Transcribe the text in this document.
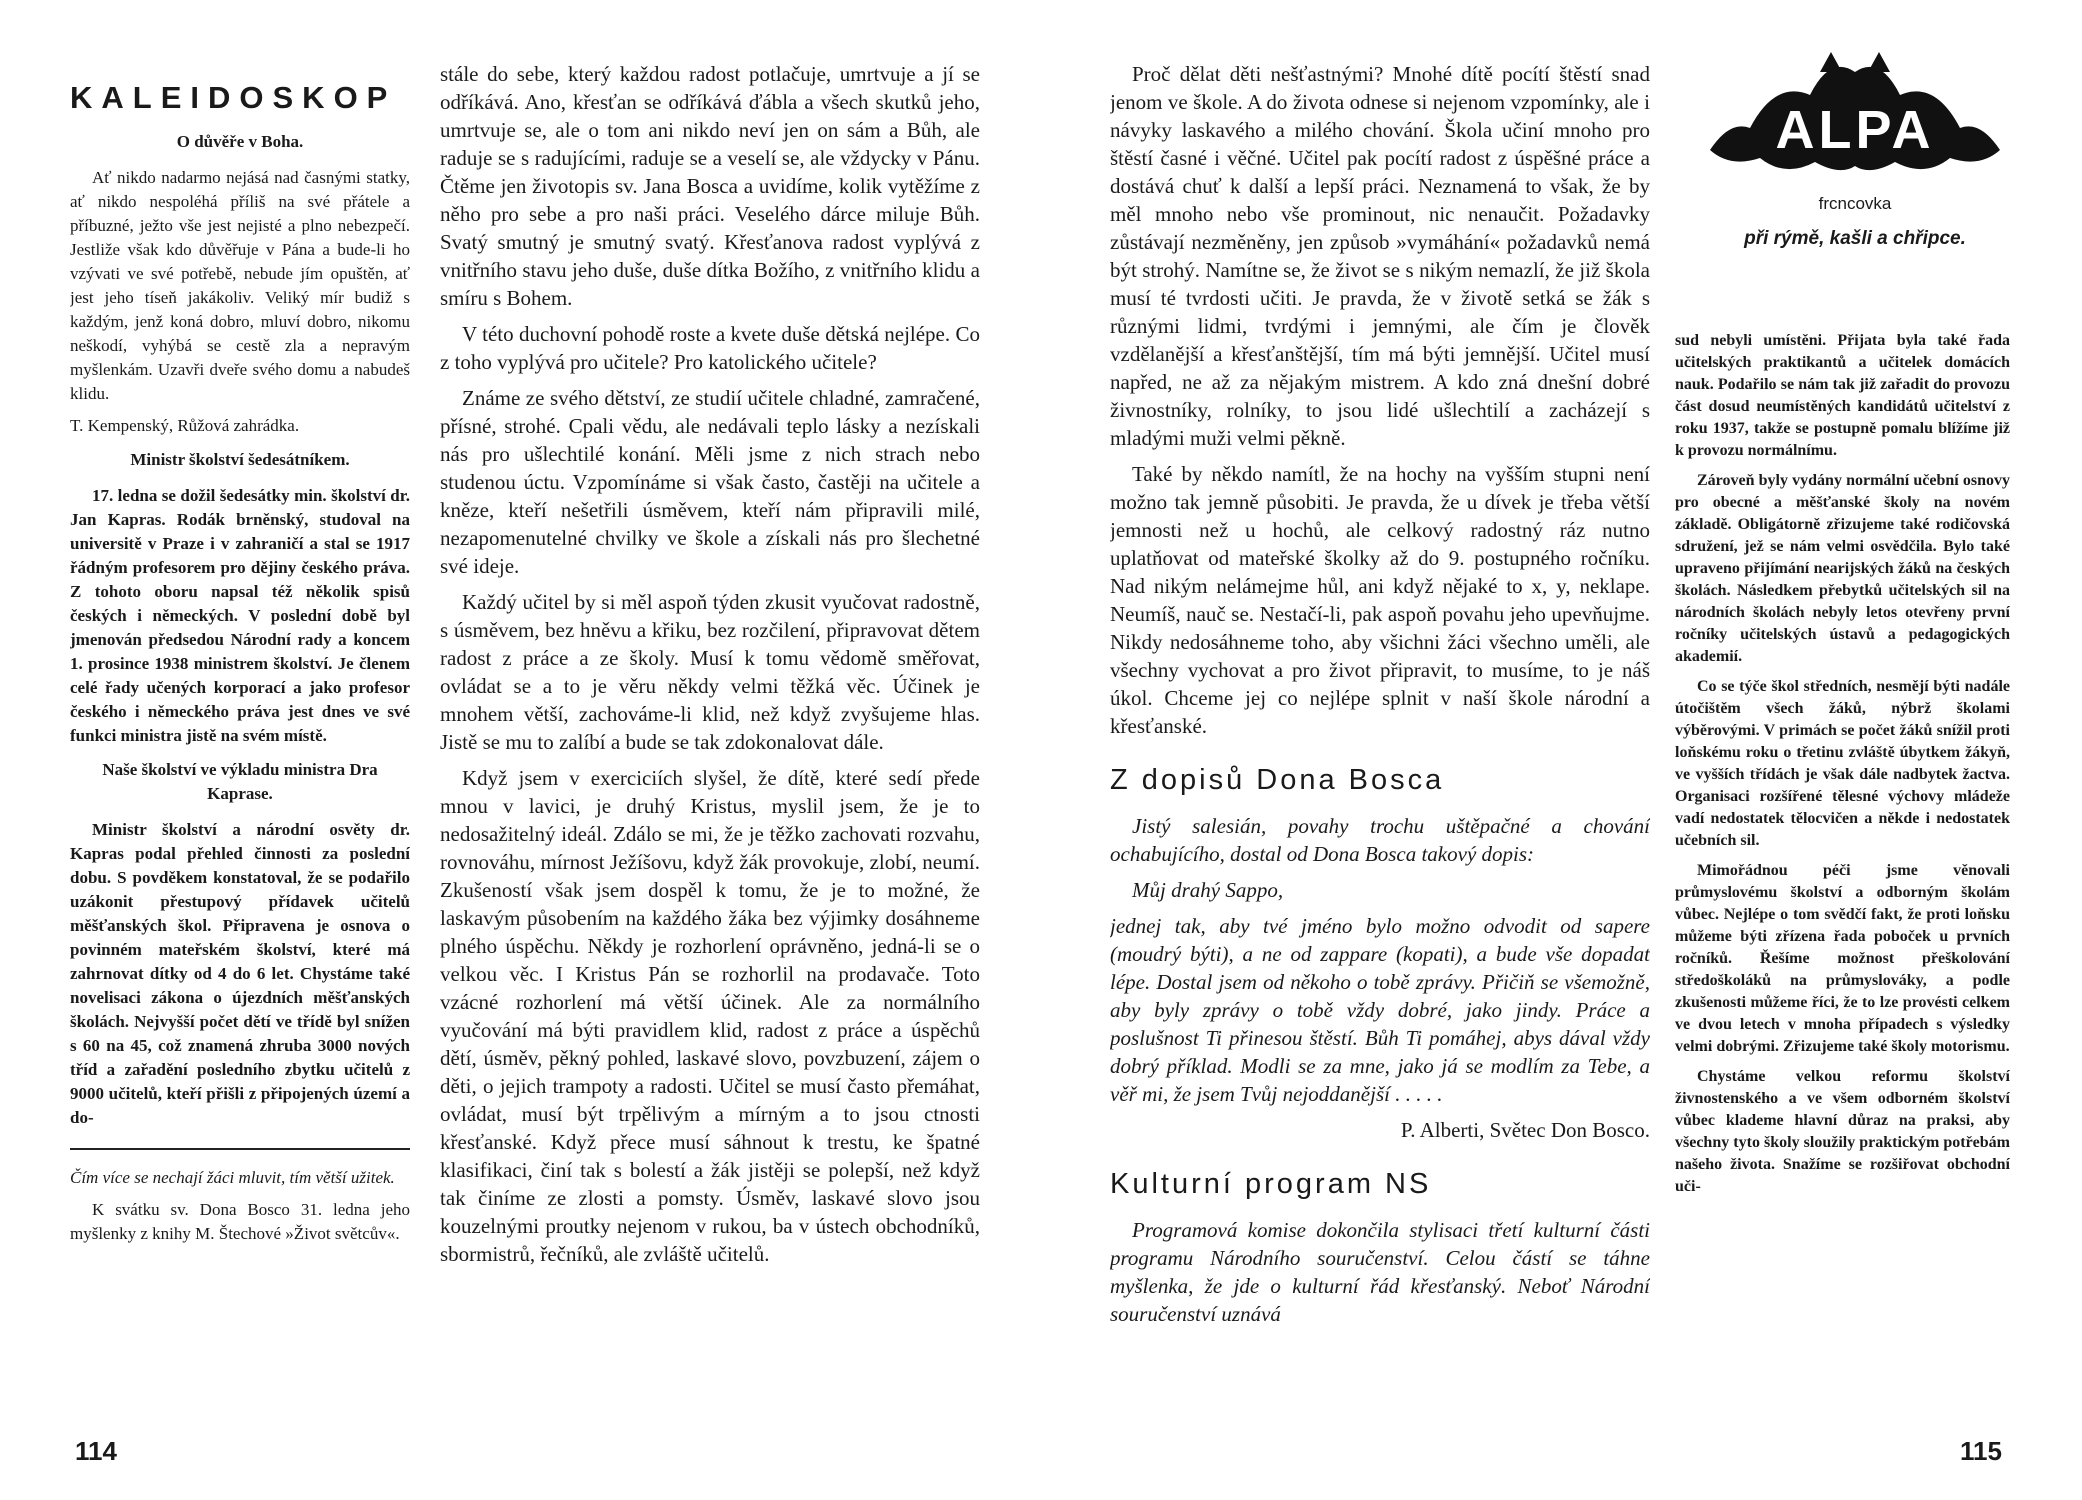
KALEIDOSKOP

O důvěře v Boha.

Ať nikdo nadarmo nejásá nad časnými statky, ať nikdo nespoléhá příliš na své přátele a příbuzné, ježto vše jest nejisté a plno nebezpečí. Jestliže však kdo důvěřuje v Pána a bude-li ho vzývati ve své potřebě, nebude jím opuštěn, ať jest jeho tíseň jakákoliv. Veliký mír budiž s každým, jenž koná dobro, mluví dobro, nikomu neškodí, vyhýbá se cestě zla a nepravým myšlenkám. Uzavři dveře svého domu a nabudeš klidu.

T. Kempenský, Růžová zahrádka.

Ministr školství šedesátníkem.

17. ledna se dožil šedesátky min. školství dr. Jan Kapras. Rodák brněnský, studoval na universitě v Praze i v zahraničí a stal se 1917 řádným profesorem pro dějiny českého práva. Z tohoto oboru napsal též několik spisů českých i německých. V poslední době byl jmenován předsedou Národní rady a koncem 1. prosince 1938 ministrem školství. Je členem celé řady učených korporací a jako profesor českého i německého práva jest dnes ve své funkci ministra jistě na svém místě.

Naše školství ve výkladu ministra Dra Kaprase.

Ministr školství a národní osvěty dr. Kapras podal přehled činnosti za poslední dobu. S povděkem konstatoval, že se podařilo uzákonit přestupový přídavek učitelů měšťanských škol. Připravena je osnova o povinném mateřském školství, které má zahrnovat dítky od 4 do 6 let. Chystáme také novelisaci zákona o újezdních měšťanských školách. Nejvyšší počet dětí ve třídě byl snížen s 60 na 45, což znamená zhruba 3000 nových tříd a zařadění posledního zbytku učitelů z 9000 učitelů, kteří přišli z připojených území a do-

Čím více se nechají žáci mluvit, tím větší užitek.

K svátku sv. Dona Bosco 31. ledna jeho myšlenky z knihy M. Štechové »Život světcův«.

stále do sebe, který každou radost potlačuje, umrtvuje a jí se odříkává. Ano, křesťan se odříkává ďábla a všech skutků jeho, umrtvuje se, ale o tom ani nikdo neví jen on sám a Bůh, ale raduje se s radujícími, raduje se a veselí se, ale vždycky v Pánu. Čtěme jen životopis sv. Jana Bosca a uvidíme, kolik vytěžíme z něho pro sebe a pro naši práci. Veselého dárce miluje Bůh. Svatý smutný je smutný svatý. Křesťanova radost vyplývá z vnitřního stavu jeho duše, duše dítka Božího, z vnitřního klidu a smíru s Bohem.

V této duchovní pohodě roste a kvete duše dětská nejlépe. Co z toho vyplývá pro učitele? Pro katolického učitele?

Známe ze svého dětství, ze studií učitele chladné, zamračené, přísné, strohé. Cpali vědu, ale nedávali teplo lásky a nezískali nás pro ušlechtilé konání. Měli jsme z nich strach nebo studenou úctu. Vzpomínáme si však často, častěji na učitele a kněze, kteří nešetřili úsměvem, kteří nám připravili milé, nezapomenutelné chvilky ve škole a získali nás pro šlechetné své ideje.

Každý učitel by si měl aspoň týden zkusit vyučovat radostně, s úsměvem, bez hněvu a křiku, bez rozčilení, připravovat dětem radost z práce a ze školy. Musí k tomu vědomě směřovat, ovládat se a to je věru někdy velmi těžká věc. Účinek je mnohem větší, zachováme-li klid, než když zvyšujeme hlas. Jistě se mu to zalíbí a bude se tak zdokonalovat dále.

Když jsem v exerciciích slyšel, že dítě, které sedí přede mnou v lavici, je druhý Kristus, myslil jsem, že je to nedosažitelný ideál. Zdálo se mi, že je těžko zachovati rozvahu, rovnováhu, mírnost Ježíšovu, když žák provokuje, zlobí, neumí. Zkušeností však jsem dospěl k tomu, že je to možné, že laskavým působením na každého žáka bez výjimky dosáhneme plného úspěchu. Někdy je rozhorlení oprávněno, jedná-li se o velkou věc. I Kristus Pán se rozhorlil na prodavače. Toto vzácné rozhorlení má větší účinek. Ale za normálního vyučování má býti pravidlem klid, radost z práce a úspěchů dětí, úsměv, pěkný pohled, laskavé slovo, povzbuzení, zájem o děti, o jejich trampoty a radosti. Učitel se musí často přemáhat, ovládat, musí být trpělivým a mírným a to jsou ctnosti křesťanské. Když přece musí sáhnout k trestu, ke špatné klasifikaci, činí tak s bolestí a žák jistěji se polepší, než když tak činíme ze zlosti a pomsty. Úsměv, laskavé slovo jsou kouzelnými proutky nejenom v rukou, ba v ústech obchodníků, sbormistrů, řečníků, ale zvláště učitelů.

114

Proč dělat děti nešťastnými? Mnohé dítě pocítí štěstí snad jenom ve škole. A do života odnese si nejenom vzpomínky, ale i návyky laskavého a milého chování. Škola učiní mnoho pro štěstí časné i věčné. Učitel pak pocítí radost z úspěšné práce a dostává chuť k další a lepší práci. Neznamená to však, že by měl mnoho nebo vše prominout, nic nenaučit. Požadavky zůstávají nezměněny, jen způsob »vymáhání« požadavků nemá být strohý. Namítne se, že život se s nikým nemazlí, že již škola musí té tvrdosti učiti. Je pravda, že v životě setká se žák s různými lidmi, tvrdými i jemnými, ale čím je člověk vzdělanější a křesťanštější, tím má býti jemnější. Učitel musí napřed, ne až za nějakým mistrem. A kdo zná dnešní dobré živnostníky, rolníky, to jsou lidé ušlechtilí a zacházejí s mladými muži velmi pěkně.

Také by někdo namítl, že na hochy na vyšším stupni není možno tak jemně působiti. Je pravda, že u dívek je třeba větší jemnosti než u hochů, ale celkový radostný ráz nutno uplatňovat od mateřské školky až do 9. postupného ročníku. Nad nikým nelámejme hůl, ani když nějaké to x, y, neklape. Neumíš, nauč se. Nestačí-li, pak aspoň povahu jeho upevňujme. Nikdy nedosáhneme toho, aby všichni žáci všechno uměli, ale všechny vychovat a pro život připravit, to musíme, to je náš úkol. Chceme jej co nejlépe splnit v naší škole národní a křesťanské.

Z dopisů Dona Bosca

Jistý salesián, povahy trochu uštěpačné a chování ochabujícího, dostal od Dona Bosca takový dopis:

Můj drahý Sappo,

jednej tak, aby tvé jméno bylo možno odvodit od sapere (moudrý býti), a ne od zappare (kopati), a bude vše dopadat lépe. Dostal jsem od někoho o tobě zprávy. Přičiň se všemožně, aby byly zprávy o tobě vždy dobré, jako jindy. Práce a poslušnost Ti přinesou štěstí. Bůh Ti pomáhej, abys dával vždy dobrý příklad. Modli se za mne, jako já se modlím za Tebe, a věř mi, že jsem Tvůj nejoddanější . . . . .

P. Alberti, Světec Don Bosco.

Kulturní program NS

Programová komise dokončila stylisaci třetí kulturní části programu Národního souručenství. Celou částí se táhne myšlenka, že jde o kulturní řád křesťanský. Neboť Národní souručenství uznává

ALPA
frcncovka
při rýmě, kašli a chřipce.

sud nebyli umístěni. Přijata byla také řada učitelských praktikantů a učitelek domácích nauk. Podařilo se nám tak již zařadit do provozu část dosud neumístěných kandidátů učitelství z roku 1937, takže se postupně pomalu blížíme již k provozu normálnímu.

Zároveň byly vydány normální učební osnovy pro obecné a měšťanské školy na novém základě. Obligátorně zřizujeme také rodičovská sdružení, jež se nám velmi osvědčila. Bylo také upraveno přijímání nearijských žáků na českých školách. Následkem přebytků učitelských sil na národních školách nebyly letos otevřeny první ročníky učitelských ústavů a pedagogických akademií.

Co se týče škol středních, nesmějí býti nadále útočištěm všech žáků, nýbrž školami výběrovými. V primách se počet žáků snížil proti loňskému roku o třetinu zvláště úbytkem žákyň, ve vyšších třídách je však dále nadbytek žactva. Organisaci rozšířené tělesné výchovy mládeže vadí nedostatek tělocvičen a někde i nedostatek učebních sil.

Mimořádnou péči jsme věnovali průmyslovému školství a odborným školám vůbec. Nejlépe o tom svědčí fakt, že proti loňsku můžeme býti zřízena řada poboček u prvních ročníků. Řešíme možnost přeškolování středoškoláků na průmyslováky, a podle zkušenosti můžeme říci, že to lze provésti celkem ve dvou letech v mnoha případech s výsledky velmi dobrými. Zřizujeme také školy motorismu.

Chystáme velkou reformu školství živnostenského a ve všem odborném školství vůbec klademe hlavní důraz na praksi, aby všechny tyto školy sloužily praktickým potřebám našeho života. Snažíme se rozšiřovat obchodní uči-

115
